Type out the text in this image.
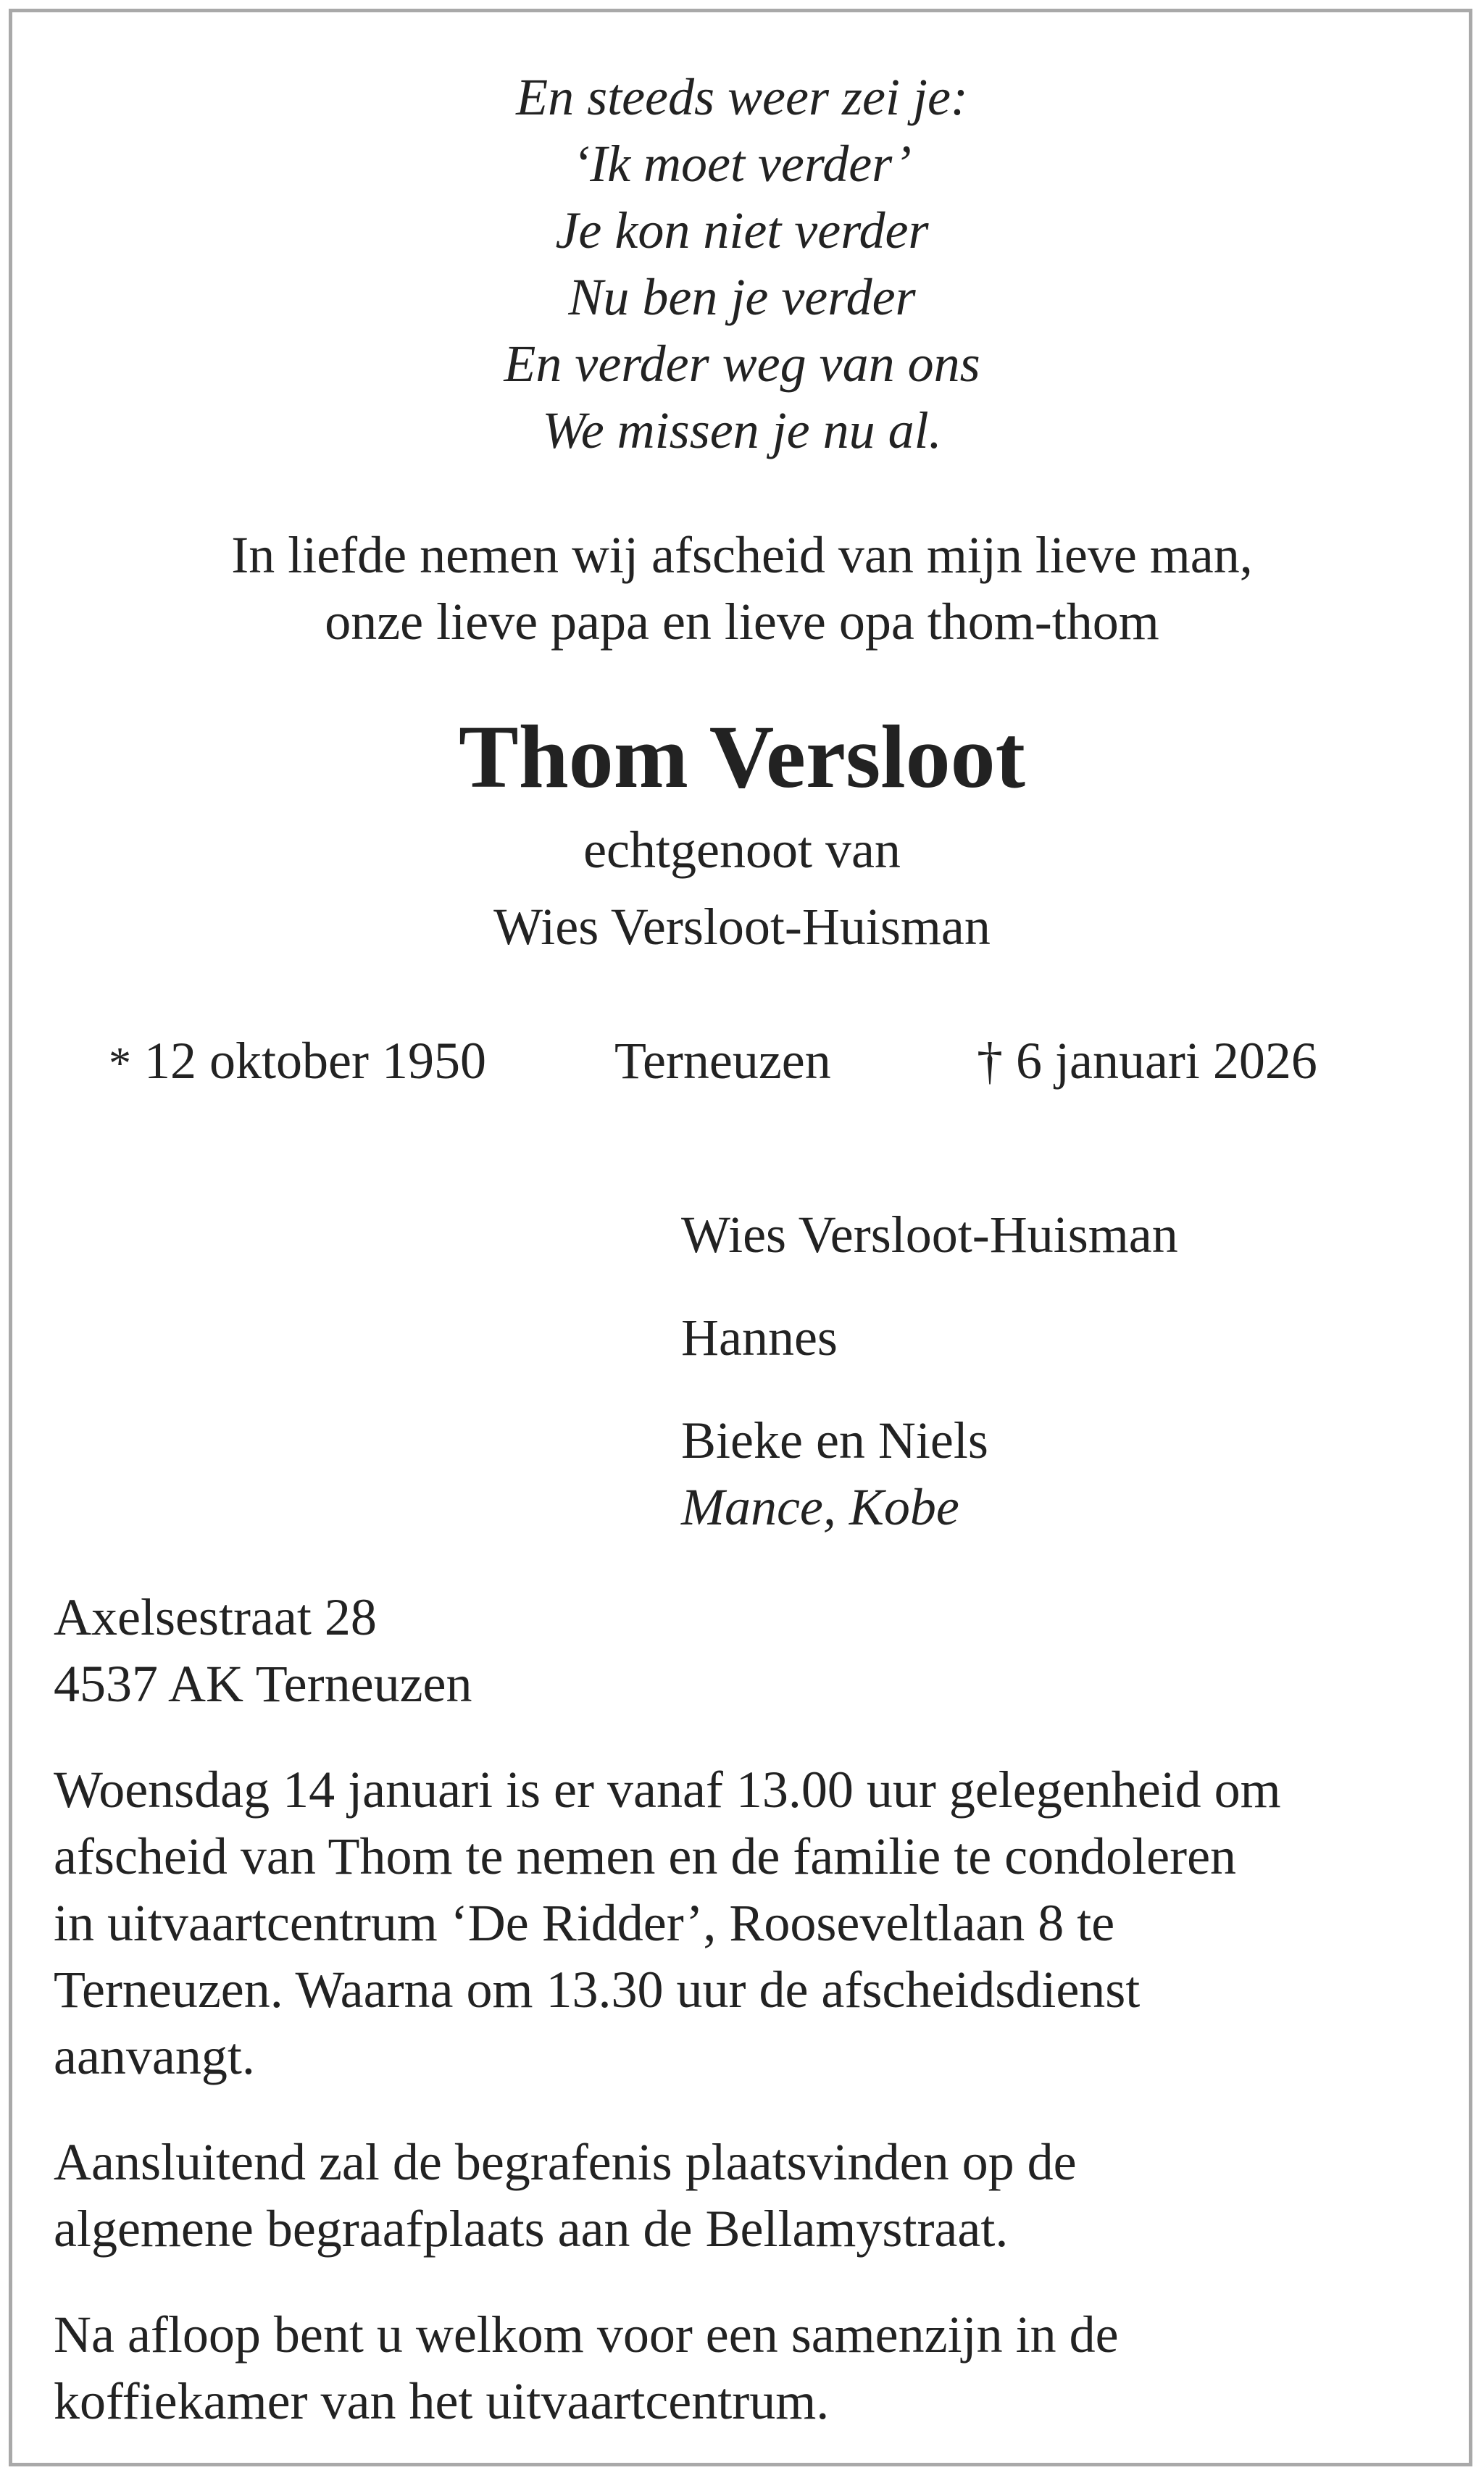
En steeds weer zei je:
‘Ik moet verder’
Je kon niet verder
Nu ben je verder
En verder weg van ons
We missen je nu al.
In liefde nemen wij afscheid van mijn lieve man,
onze lieve papa en lieve opa thom-thom
Thom Versloot
echtgenoot van
Wies Versloot-Huisman
* 12 oktober 1950 Terneuzen	† 6 januari 2026
Wies Versloot-Huisman
Hannes
Bieke en Niels
Mance, Kobe
Axelsestraat 28
4537 AK Terneuzen
Woensdag 14 januari is er vanaf 13.00 uur gelegenheid om
afscheid van Thom te nemen en de familie te condoleren
in uitvaartcentrum ‘De Ridder’, Rooseveltlaan 8 te
Terneuzen. Waarna om 13.30 uur de afscheidsdienst
aanvangt.
Aansluitend zal de begrafenis plaatsvinden op de
algemene begraafplaats aan de Bellamystraat.
Na afloop bent u welkom voor een samenzijn in de
koffiekamer van het uitvaartcentrum.
